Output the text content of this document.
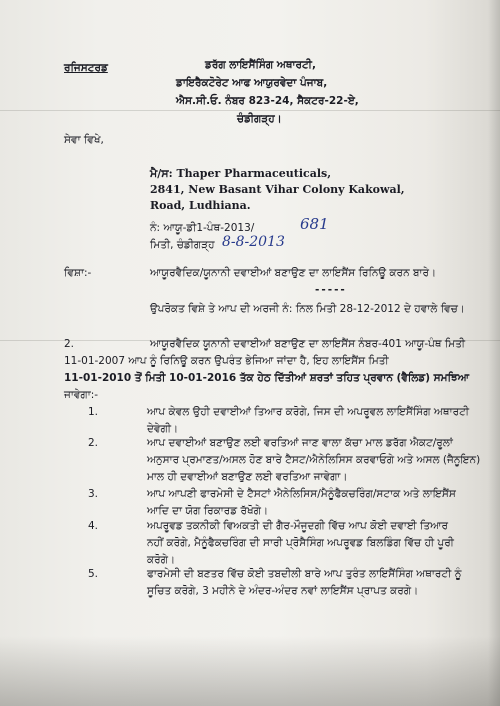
ਰਜਿਸਟਰਡ	ਡਰੱਗ ਲਾਇਸੈਂਸਿੰਗ ਅਥਾਰਟੀ,
ਡਾਇਰੈਕਟੋਰੇਟ ਆਫ ਆਯੁਰਵੇਦਾ ਪੰਜਾਬ,
ਐਸ.ਸੀ.ਓ. ਨੰਬਰ 823-24, ਸੈਕਟਰ-22-ਏ,
ਚੰਡੀਗੜ੍ਹ।
ਸੇਵਾ ਵਿਖੇ,
ਮੈ/ਸ: Thaper Pharmaceuticals,
2841, New Basant Vihar Colony Kakowal,
Road, Ludhiana.
ਨੰ: ਆਯੂ-ਡੀ1-ਪੰਥ-2013/	681
ਮਿਤੀ, ਚੰਡੀਗੜ੍ਹ 8-8-2013
ਵਿਸ਼ਾ:-	ਆਯੂਰਵੈਦਿਕ/ਯੂਨਾਨੀ ਦਵਾਈਆਂ ਬਣਾਉਣ ਦਾ ਲਾਇਸੈਂਸ ਰਿਨਿਊ ਕਰਨ ਬਾਰੇ।
-----
ਉਪਰੋਕਤ ਵਿਸ਼ੇ ਤੇ ਆਪ ਦੀ ਅਰਜੀ ਨੰ: ਨਿਲ ਮਿਤੀ 28-12-2012 ਦੇ ਹਵਾਲੇ ਵਿਚ।
2.	ਆਯੂਰਵੈਦਿਕ ਯੂਨਾਨੀ ਦਵਾਈਆਂ ਬਣਾਉਣ ਦਾ ਲਾਇਸੈਂਸ ਨੰਬਰ-401 ਆਯੂ-ਪੰਥ ਮਿਤੀ
11-01-2007 ਆਪ ਨੂੰ ਰਿਨਿਊ ਕਰਨ ਉਪਰੰਤ ਭੇਜਿਆ ਜਾਂਦਾ ਹੈ, ਇਹ ਲਾਇਸੈਂਸ ਮਿਤੀ
11-01-2010 ਤੋਂ ਮਿਤੀ 10-01-2016 ਤੱਕ ਹੇਠ ਦਿੱਤੀਆਂ ਸ਼ਰਤਾਂ ਤਹਿਤ ਪ੍ਰਵਾਨ (ਵੈਲਿਡ) ਸਮਝਿਆ
ਜਾਵੇਗਾ:-
1.	ਆਪ ਕੇਵਲ ਉਹੀ ਦਵਾਈਆਂ ਤਿਆਰ ਕਰੋਗੇ, ਜਿਸ ਦੀ ਅਪਰੂਵਲ ਲਾਇਸੈਂਸਿੰਗ ਅਥਾਰਟੀ
ਦੇਵੇਗੀ।
2.	ਆਪ ਦਵਾਈਆਂ ਬਣਾਉਣ ਲਈ ਵਰਤਿਆਂ ਜਾਣ ਵਾਲਾ ਕੱਚਾ ਮਾਲ ਡਰੱਗ ਐਕਟ/ਰੂਲਾਂ
ਅਨੁਸਾਰ ਪ੍ਰਮਾਣਤ/ਅਸਲ ਹੋਣ ਬਾਰੇ ਟੈਸਟ/ਐਨੇਲਿਸਿਸ ਕਰਵਾਓਗੇ ਅਤੇ ਅਸਲ (ਜੈਨੂਇਨ)
ਮਾਲ ਹੀ ਦਵਾਈਆਂ ਬਣਾਉਣ ਲਈ ਵਰਤਿਆ ਜਾਵੇਗਾ।
3.	ਆਪ ਆਪਣੀ ਫਾਰਮੇਸੀ ਦੇ ਟੈਸਟਾਂ ਐਨੇਲਿਸਿਸ/ਮੈਨੂੰਫੈਕਚਰਿੰਗ/ਸਟਾਕ ਅਤੇ ਲਾਇਸੈਂਸ
ਆਦਿ ਦਾ ਯੋਗ ਰਿਕਾਰਡ ਰੱਖੋਗੇ।
4.	ਅਪਰੂਵਡ ਤਕਨੀਕੀ ਵਿਅਕਤੀ ਦੀ ਗੈਰ-ਮੌਜੂਦਗੀ ਵਿੱਚ ਆਪ ਕੋਈ ਦਵਾਈ ਤਿਆਰ
ਨਹੀਂ ਕਰੋਗੇ, ਮੈਨੂੰਫੈਕਚਰਿੰਗ ਦੀ ਸਾਰੀ ਪ੍ਰੋਸੈਸਿੰਗ ਅਪਰੂਵਡ ਬਿਲਡਿੰਗ ਵਿੱਚ ਹੀ ਪੂਰੀ
ਕਰੋਗੇ।
5.	ਫਾਰਮੇਸੀ ਦੀ ਬਣਤਰ ਵਿੱਚ ਕੋਈ ਤਬਦੀਲੀ ਬਾਰੇ ਆਪ ਤੁਰੰਤ ਲਾਇਸੈਂਸਿੰਗ ਅਥਾਰਟੀ ਨੂੰ
ਸੂਚਿਤ ਕਰੋਗੇ, 3 ਮਹੀਨੇ ਦੇ ਅੰਦਰ-ਅੰਦਰ ਨਵਾਂ ਲਾਇਸੈਂਸ ਪ੍ਰਾਪਤ ਕਰਗੇ।
